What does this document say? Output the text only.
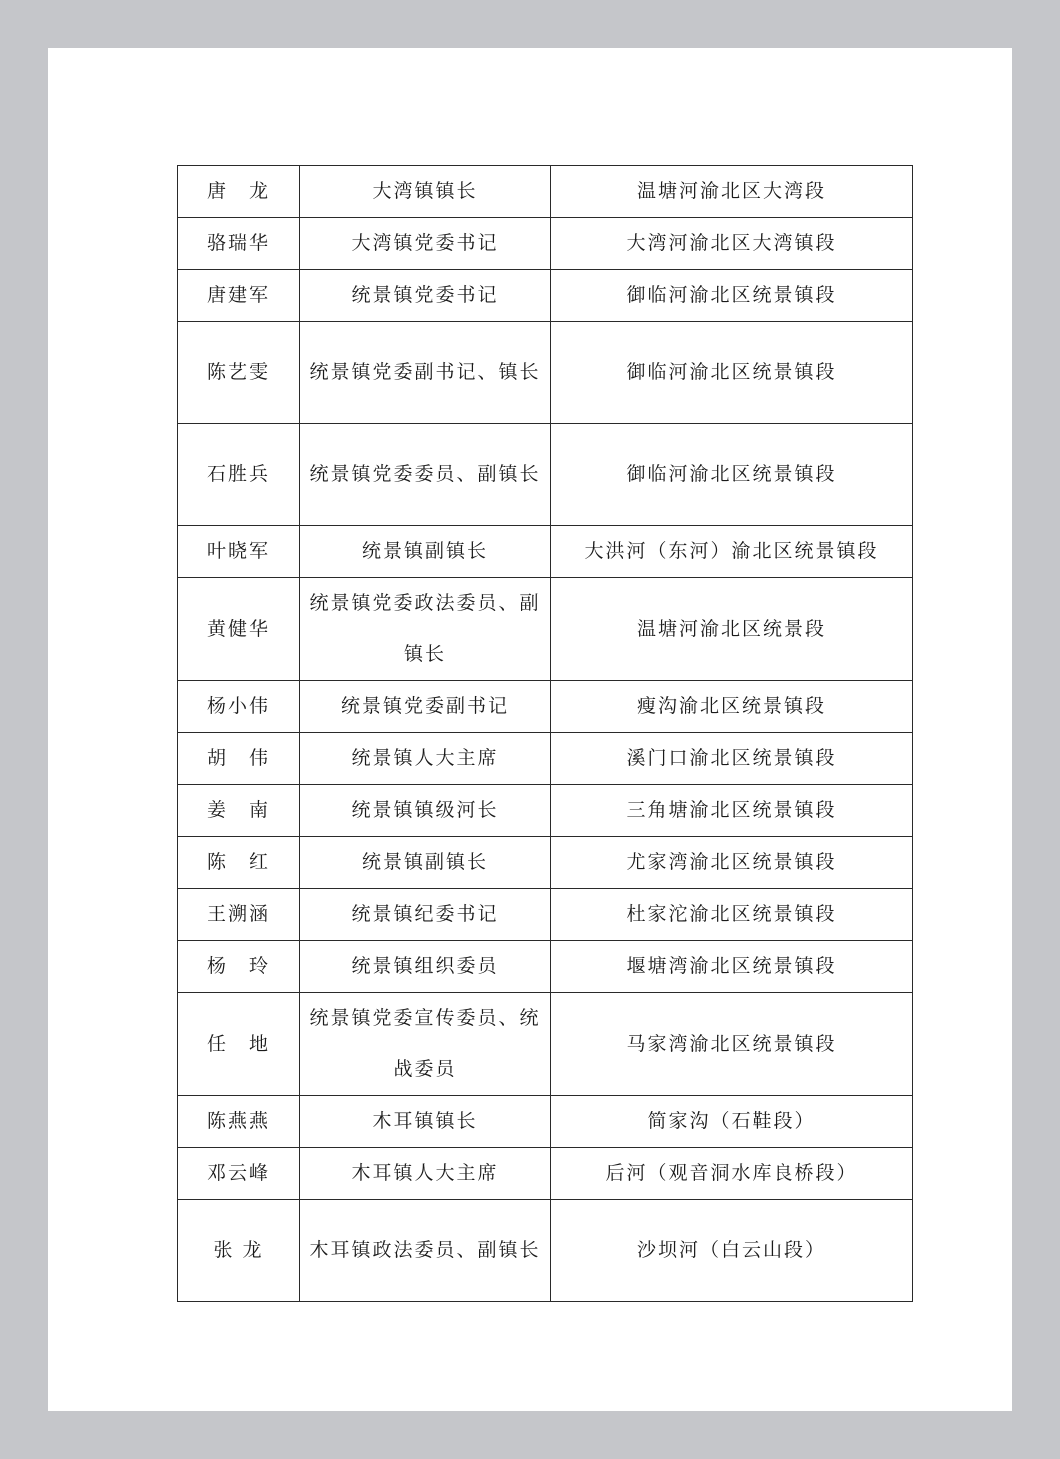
唐　龙	大湾镇镇长	温塘河渝北区大湾段
骆瑞华	大湾镇党委书记	大湾河渝北区大湾镇段
唐建军	统景镇党委书记	御临河渝北区统景镇段
陈艺雯	统景镇党委副书记、镇长	御临河渝北区统景镇段
石胜兵	统景镇党委委员、副镇长	御临河渝北区统景镇段
叶晓军	统景镇副镇长	大洪河（东河）渝北区统景镇段
黄健华	统景镇党委政法委员、副镇长	温塘河渝北区统景段
杨小伟	统景镇党委副书记	瘦沟渝北区统景镇段
胡　伟	统景镇人大主席	溪门口渝北区统景镇段
姜　南	统景镇镇级河长	三角塘渝北区统景镇段
陈　红	统景镇副镇长	尤家湾渝北区统景镇段
王溯涵	统景镇纪委书记	杜家沱渝北区统景镇段
杨　玲	统景镇组织委员	堰塘湾渝北区统景镇段
任　地	统景镇党委宣传委员、统战委员	马家湾渝北区统景镇段
陈燕燕	木耳镇镇长	简家沟（石鞋段）
邓云峰	木耳镇人大主席	后河（观音洞水库良桥段）
张 龙	木耳镇政法委员、副镇长	沙坝河（白云山段）
